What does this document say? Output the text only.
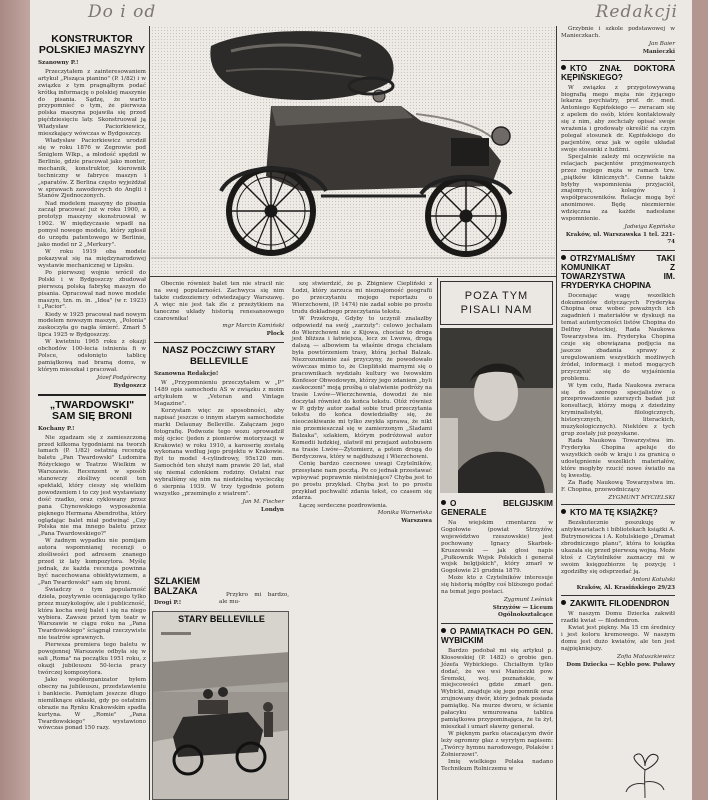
Do i od	Redakcji
KONSTRUKTOR POLSKIEJ MASZYNY
Szanowny P.!

Przeczytałem z zainteresowaniem artykuł „Pisząca pianino" (P. 1/82) i w związku z tym pragnąłbym podać krótką informację o polskiej maszynie do pisania. Sądzę, że warto przypomnieć o tym, że pierwsza polska maszyna pojawiła się przed pięćdziesięciu laty. Skonstruował ją Władysław Paciorkiewicz, mieszkający wówczas w Bydgoszczy.

Władysław Paciorkiewicz urodził się w roku 1876 w Zegrowie pod Śmiglem Wlkp., a młodość spędził w Berlinie, gdzie pracował jako monter, mechanik, konstruktor, kierownik techniczny w fabryce maszyn i „sparatów. Z Berlina często wyjeżdżał w sprawach zawodowych do Anglii i Stanów Zjednoczonych.

Nad modelem maszyny do pisania zaczął pracować już w roku 1900, a prototyp maszyny skonstruował w 1902. W międzyczasie wpadł na pomysł nowego modelu, który zgłosił do urzędu patentowego w Berlinie, jako model nr 2 „Merkury".

W roku 1919 oba modele pokazywał się na międzynarodowej wystawie mechanicznej w Lipsku.

Po pierwszej wojnie wrócił do Polski i w Bydgoszczy zbudował pierwszą polską fabrykę maszyn do pisania. Opracował nad nowe modele maszyn, tzn. m. in. „Idea" (w r. 1923) i „Pacior".

Kiedy w 1925 pracował nad nowym modelem nowszym maszyn, „Polonia" zaskoczyła go nagła śmierć. Zmarł 5 lipca 1925 w Bydgoszczy.

W kwietniu 1965 roku z okazji obchodów 100-lecia istnienia fi w Polsce, odsłonięto tablicę pamiątkową nad bramą domu, w którym mieszkał i pracował.

Józef Podgórecny
Bydgoszcz
„TWARDOWSKI" SAM SIĘ BRONI
Kochany P.!

Nie zgadzam się z zamieszczoną przed kilkoma tygodniami na tworzh łamach (P. 1/82) ostatnią recenzją baletu „Pan Twardowski" Ludomira Różyckiego w Teatrze Wielkim w Warszawie. Recenzent w sposób stanowczy złośliwy ocenił ten spektakl, który cieszy się wielkim powodzeniem i to czy jest wystawiany dość rzadko, oraz cyklowany przez pana Chynowskiego wyposażenia pięknego Hermana Abendrotha, który oglądając balet miał podwinąć „Czy Polska nie ma innego baletu przez „Pana Twardowskiego?"

W żadnym wypadku nie pomijam autora wspomnianej recenzji o złośliwości pod adresem znanego przed iż laty kompozytora. Myślę jednak, że każda recenzja powinna być nacechowana obiektywizmem, a „Pan Twardowski" sam się broni.

Świadczy o tym popularność dzieła, pozytywnie oceniającego tylko przez muzykologów, ale i publiczność, która kocha swój balet i się na niego wybiera. Zawsze przed tym teatr w Warszawie w ciągu roku na „Pana Twardowskiego" ściągnął rzeczywiste nie teatrów sprawnych.

Pierwsza premiera tego baletu w powojennej Warszawie odbyła się w sali „Roma" na początku 1951 roku, z okazji jubileuszu 50-lecia pracy twórczej kompozytora.

Jako współorganizator byłem obecny na jubileuszu, przedstawieniu i bankiecie. Pamiętam jeszcze długo niemilknące oklaski, gdy po ostatnim obrazie na Rynku Krakowskim spadła kurtyna. W „Romie" „Pana Twardowskiego" wystawiono wówczas ponad 150 razy.

Obecnie również balet ten nie stracił nic na swej popularności. Zachwyca się nim także cudzoziemcy odwiedzający Warszawę. A więc nie jest tak źle z przeżytkiem na taneczne układy historią renesansowego czarownika!

mgr Marcin Kamiński
Płock
NASZ POCZCIWY STARY BELLEVILLE
Szanowna Redakcjo!

W „Przypomnieniu przeczytałem w „P" 1489 opis samochodu AS w związku z moim artykułem w „Veteran and Vintage Magazine".

Korzystam więc ze sposobności, aby napisać jeszcze o innym starym samochodzie marki Delaunay Belleville. Załączam jego fotografię. Podwozie tego wozu sprowadził mój ojciec (jeden z pionierów motoryzacji w Krakowie) w roku 1910, a karoserię zostałą wykonana według jego projektu w Krakowie. Był to model 4-cylindrowy, 95x120 mm. Samochód ten służył nam prawie 20 lat, stał się niemal członkiem rodziny. Ostatni raz wybraliśmy się nim na niedzielną wycieczkę 6 sierpnia 1939. W trzy tygodnie potem wszystko „przeminęło z wiatrem".

Jan M. Fischer
Londyn
SZLAKIEM BALZAKA
Drogi P.!

Przykro mi bardzo, ale mu-

STARY BELLEVILLE

szę stwierdzić, że p. Zbigniew Ciepliński z Łodzi, który zarzuca mi nieznajomość geografii po przeczytaniu mojego reportażu o Wierzchowni, (P. 1474) nie zadał sobie po prostu trudu dokładnego przeczytania tekstu.

W Przekroju, Gdyby to uczynił znalazłby odpowiedź na swój „zarzuty": celowo jechałam do Wierzchowni nie z Kijowa, chociaż to droga jest bliższa i łatwiejsza, lecz ze Lwowa, drogą dalszą — albowiem ta właśnie droga chciałam była powtórzeniem trasy, którą jechał Balzak. Niezrozumienie zaś przyczyny, że powodowało wówczas mimo to, że Ciepliński marnymi się o pracownikach wydziału kultury we lwowskim Konfesor Obwodowym, którzy jego zdaniem „byli zaskoczeni" moją prośbą o ułatwienie podróży na trasie Lwów—Wierzchownia, dowodzi że nie doczytał również do końca tekstu. Otóż również w P. gdyby autor zadał sobie trud przeczytania tekstu do końca dowiedziałby się, że nieoczekiwanie mi tylko zwykła sprawa, że nikt nie przemieszczał się w zamierzonym „Śladami Balzaka", szlakiem, którym podróżował autor Komedii ludzkiej, ulatwił mi przejazd autobusem na trasie Lwów—Żytomierz, a potem drogą do Berdyczowa, który w najdłuższej i Wierzchowni.

Cenię bardzo czecnowe uwagi Czytelników, przesyłane nam pocztą. Po co jednak przestawać wpisywać poprawnie nieistniejące? Chyba jest to po prostu przykład. Chyba jest to po prostu przykład pochwalić zdania tekst, co czasem się zdarza.

Łączę serdeczne pozdrowienia.

Monika Warneńska
Warszawa
POZA TYM
PISALI NAM
O BELGIJSKIM GENERALE

Na wiejskim cmentarzu w Gogołowie (powiat Strzyżów, województwo rzeszowskie) jest pochowany Ignacy Skarbek-Kruszewski — jak głosi napis „Pułkownik Wojsk Polskich i generał wojsk belgijskich", który zmarł w Gogołowie 21 grudnia 1879.

Może kto z Czytelników interesuje się historią mógłby coś bliższego podać na temat jego postaci.

Zygmunt Leśniak
Strzyżów — Liceum Ogólnokształcące
O PAMIĄTKACH PO GEN. WYBICKIM

Bardzo podobał mi się artykuł p. Kłosowskiej (P. 1482) o grobie gen. Józefa Wybickiego. Chciałbym tylko dodać, że we wsi Manieczki pow. Śremski, woj. poznańskie, w miejscowości gdzie zmarł gen. Wybicki, znajduje się jego pomnik oraz zrujnowany dwór, który jednak posiada pamiątkę. Na murze dworu, w ścianie pałacyku wmurowana tablica pamiątkowa przypominająca, że tu żył, mieszkał i umarł sławny generał.

W pięknym parku otaczającym dwór leży ogromny głaz z wyrytym napisem: „Twórcy hymnu narodowego, Polaków i Żołnierzowi".

Imię wielkiego Polaka nadano Technikum Rolniczemu w

Grzybnie i szkole podstawowej w Manieczkach.

Jan Baier
Manieczki
KTO ZNAŁ DOKTORA KĘPIŃSKIEGO?

W związku z przygotowywaną biografią mego męża nie żyjącego lekarza psychiatry, prof. dr. med. Antoniego Kępińskiego — zwracam się z apelem do osób, które kontaktowały się z nim, aby zechciały opisać swoje wrażenia i grodowały określić na czym polegał stosunek dr. Kępińskiego do pacjentów, oraz jak w ogóle układał swoje stosunki z ludźmi.

Specjalnie zależy mi oczywiście na relacjach pacjentów przyjmowanych przez mojego męża w ramach tzw. „piątków klinicznych". Cenne także byłyby wspomnienia przyjaciół, znajomych, kolegów i współpracowników. Relacje mogą być anonimowe. Będę niezmiernie wdzięczna za każde nadesłane wspomnienie.

Jadwiga Kępińska
Kraków, ul. Warszawska 1 tel. 221-74
OTRZYMALIŚMY TAKI KOMUNIKAT Z TOWARZYSTWA IM. FRYDERYKA CHOPINA

Docenając wagę wszelkich dokumentów dotyczących Fryderyka Chopina oraz wobec poważnych ich zagadnień i materiałów w dyskusji na temat autentyczności listów Chopina do Delfiny Potockiej, Rada Naukowa Towarzystwa im. Fryderyka Chopina czuje się obowiązana podjęcia na jaszcze zbadania sprawy z uregulowaniem wszystkich możliwych źródeł, informacji i metod mogących przyczynić się do wyjaśnienia problemu.

W tym celu, Rada Naukowa zwraca się do szerego specjalistów o przeprowadzenie szerszych badań już konsultacji, którzy mogą z dziedziny kryminalistyki, filologicznych, historycznych, literackich, muzykologicznych). Niektóre z tych grup zostały już pozyskane.

Rada Naukowa Towarzystwa im. Fryderyka Chopina apeluje do wszystkich osób w kraju i za granicą o udostępnienie wszelkich materiałów, które mogłyby rzucić nowe światło na tę kwestię.

Za Radę Naukową Towarzystwa im. F. Chopina, przewodniczący

ZYGMUNT MYCIELSKI
KTO MA TĘ KSIĄŻKĘ?

Bezskutecznie poszukuję w antykwariatach i bibliotekach książki A. Butrymowicza i A. Kotulskiego „Dramat zbrodniczego planu", która to książka ukazała się przed pierwszą wojną. Może ktoś z Czytelników zaznaczy mi w swoim księgozbiorze tę pozycję i zgodziłby się odsprzedać ją.

Antoni Kotulski
Kraków, Al. Krasińskiego 29/23
ZAKWITŁ FILODENDRON

W naszym Domu Dziecka zakwitł rzadki kwiat — filodendron.

Kwiat jest piękny. Ma 15 cm średnicy i jest koloru kremowego. W naszym domu jest dużo kwiatów, ale ten jest najpiękniejszy.

Zofia Matuszkiewicz
Dom Dziecka — Kębło pow. Puławy
